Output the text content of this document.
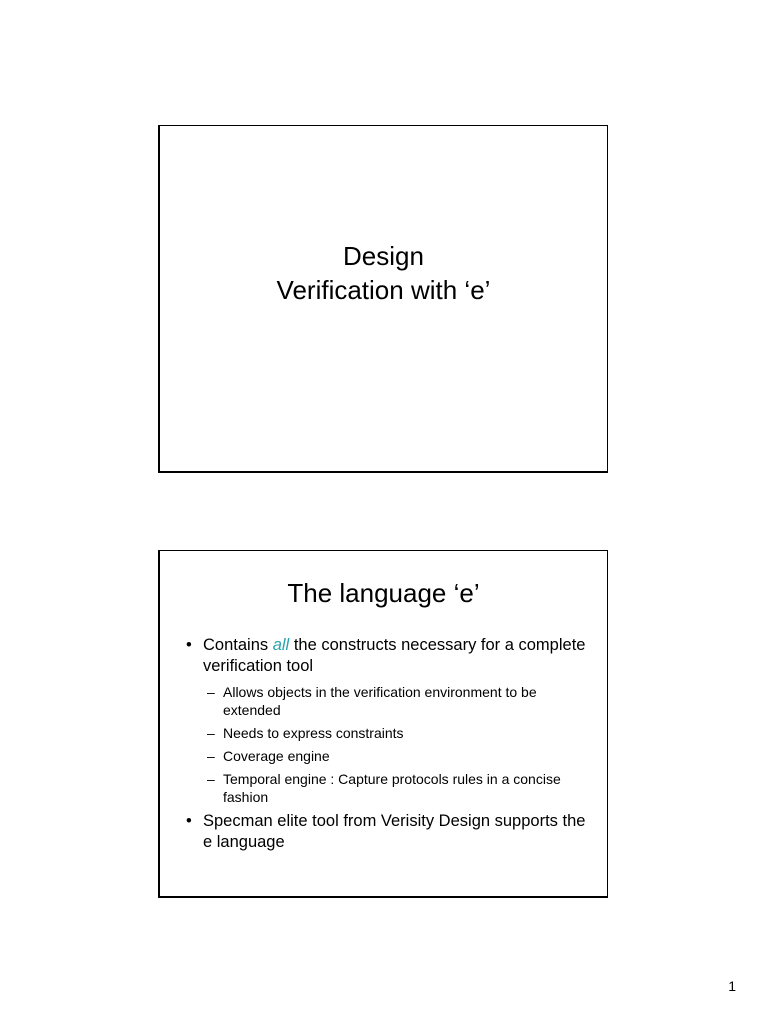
Design
Verification with ‘e’
The language ‘e’
• Contains all the constructs necessary for a complete verification tool
– Allows objects in the verification environment to be extended
– Needs to express constraints
– Coverage engine
– Temporal engine : Capture protocols rules in a concise fashion
• Specman elite tool from Verisity Design supports the e language
1
